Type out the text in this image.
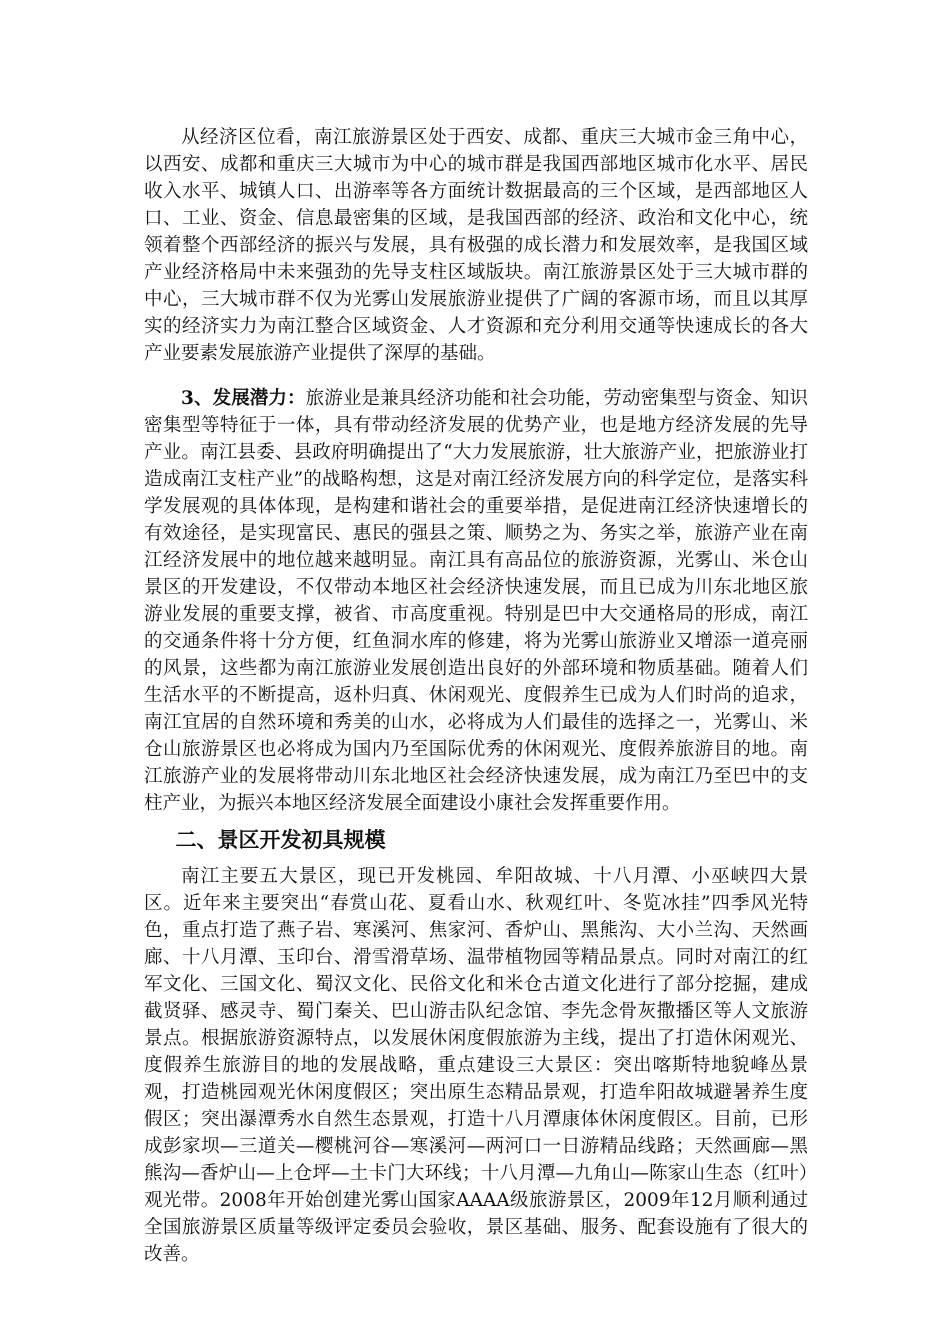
从经济区位看，南江旅游景区处于西安、成都、重庆三大城市金三角中心，以西安、成都和重庆三大城市为中心的城市群是我国西部地区城市化水平、居民收入水平、城镇人口、出游率等各方面统计数据最高的三个区域，是西部地区人口、工业、资金、信息最密集的区域，是我国西部的经济、政治和文化中心，统领着整个西部经济的振兴与发展，具有极强的成长潜力和发展效率，是我国区域产业经济格局中未来强劲的先导支柱区域版块。南江旅游景区处于三大城市群的中心，三大城市群不仅为光雾山发展旅游业提供了广阔的客源市场，而且以其厚实的经济实力为南江整合区域资金、人才资源和充分利用交通等快速成长的各大产业要素发展旅游产业提供了深厚的基础。

3、发展潜力：旅游业是兼具经济功能和社会功能，劳动密集型与资金、知识密集型等特征于一体，具有带动经济发展的优势产业，也是地方经济发展的先导产业。南江县委、县政府明确提出了“大力发展旅游，壮大旅游产业，把旅游业打造成南江支柱产业”的战略构想，这是对南江经济发展方向的科学定位，是落实科学发展观的具体体现，是构建和谐社会的重要举措，是促进南江经济快速增长的有效途径，是实现富民、惠民的强县之策、顺势之为、务实之举，旅游产业在南江经济发展中的地位越来越明显。南江具有高品位的旅游资源，光雾山、米仓山景区的开发建设，不仅带动本地区社会经济快速发展，而且已成为川东北地区旅游业发展的重要支撑，被省、市高度重视。特别是巴中大交通格局的形成，南江的交通条件将十分方便，红鱼洞水库的修建，将为光雾山旅游业又增添一道亮丽的风景，这些都为南江旅游业发展创造出良好的外部环境和物质基础。随着人们生活水平的不断提高，返朴归真、休闲观光、度假养生已成为人们时尚的追求，南江宜居的自然环境和秀美的山水，必将成为人们最佳的选择之一，光雾山、米仓山旅游景区也必将成为国内乃至国际优秀的休闲观光、度假养旅游目的地。南江旅游产业的发展将带动川东北地区社会经济快速发展，成为南江乃至巴中的支柱产业，为振兴本地区经济发展全面建设小康社会发挥重要作用。

二、景区开发初具规模

南江主要五大景区，现已开发桃园、牟阳故城、十八月潭、小巫峡四大景区。近年来主要突出“春赏山花、夏看山水、秋观红叶、冬览冰挂”四季风光特色，重点打造了燕子岩、寒溪河、焦家河、香炉山、黑熊沟、大小兰沟、天然画廊、十八月潭、玉印台、滑雪滑草场、温带植物园等精品景点。同时对南江的红军文化、三国文化、蜀汉文化、民俗文化和米仓古道文化进行了部分挖掘，建成截贤驿、感灵寺、蜀门秦关、巴山游击队纪念馆、李先念骨灰撒播区等人文旅游景点。根据旅游资源特点，以发展休闲度假旅游为主线，提出了打造休闲观光、度假养生旅游目的地的发展战略，重点建设三大景区：突出喀斯特地貌峰丛景观，打造桃园观光休闲度假区；突出原生态精品景观，打造牟阳故城避暑养生度假区；突出瀑潭秀水自然生态景观，打造十八月潭康体休闲度假区。目前，已形成彭家坝—三道关—樱桃河谷—寒溪河—两河口一日游精品线路；天然画廊—黑熊沟—香炉山—上仓坪—土卡门大环线；十八月潭—九角山—陈家山生态（红叶）观光带。2008年开始创建光雾山国家AAAA级旅游景区，2009年12月顺利通过全国旅游景区质量等级评定委员会验收，景区基础、服务、配套设施有了很大的改善。
